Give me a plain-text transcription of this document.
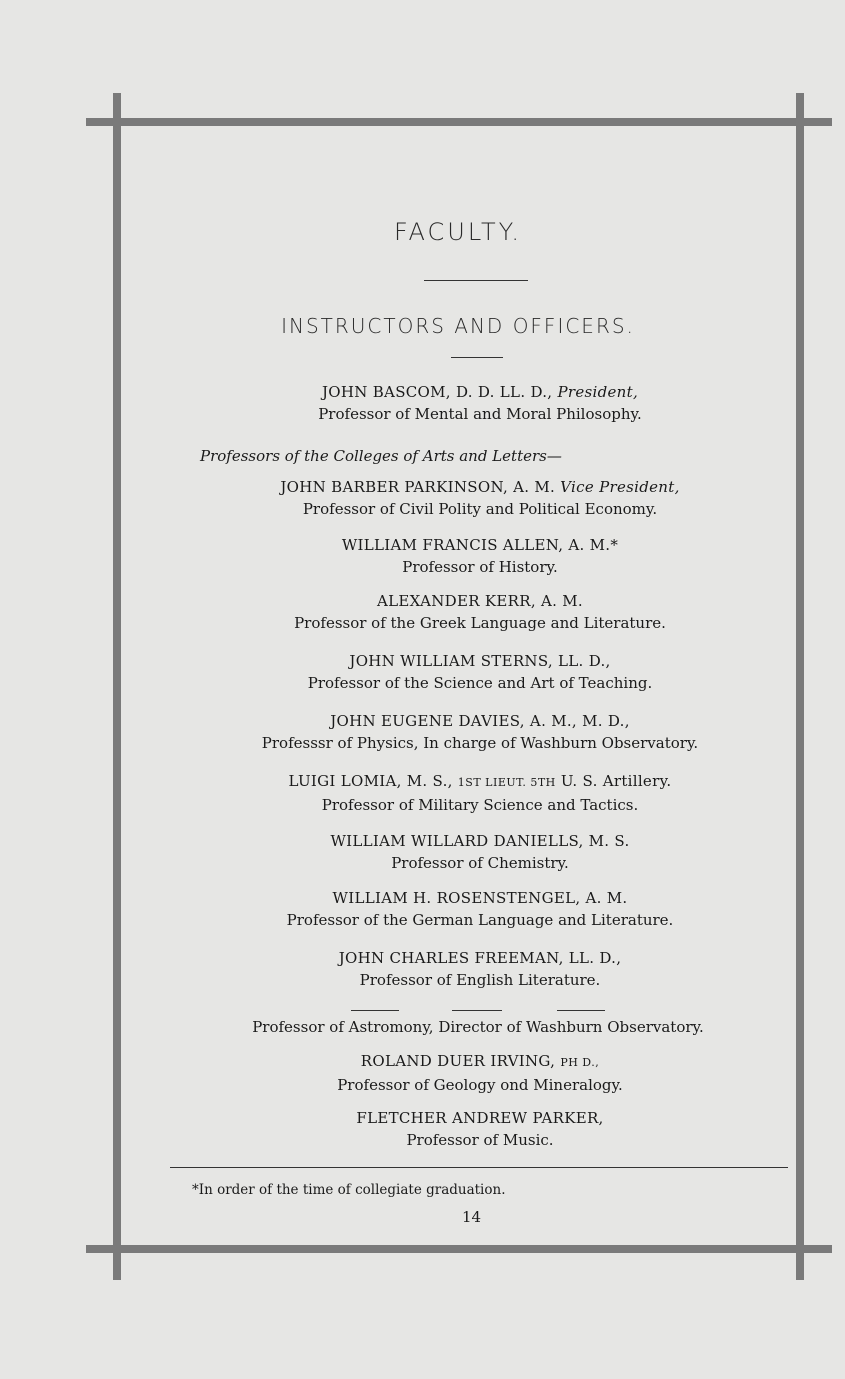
FACULTY.
INSTRUCTORS AND OFFICERS.
JOHN BASCOM, D. D. LL. D., President,
Professor of Mental and Moral Philosophy.
Professors of the Colleges of Arts and Letters—
JOHN BARBER PARKINSON, A. M. Vice President,
Professor of Civil Polity and Political Economy.
WILLIAM FRANCIS ALLEN, A. M.*
Professor of History.
ALEXANDER KERR, A. M.
Professor of the Greek Language and Literature.
JOHN WILLIAM STERNS, LL. D.,
Professor of the Science and Art of Teaching.
JOHN EUGENE DAVIES, A. M., M. D.,
Professsr of Physics, In charge of Washburn Observatory.
LUIGI LOMIA, M. S., 1ST LIEUT. 5TH U. S. Artillery.
Professor of Military Science and Tactics.
WILLIAM WILLARD DANIELLS, M. S.
Professor of Chemistry.
WILLIAM H. ROSENSTENGEL, A. M.
Professor of the German Language and Literature.
JOHN CHARLES FREEMAN, LL. D.,
Professor of English Literature.
Professor of Astromony, Director of Washburn Observatory.
ROLAND DUER IRVING, PH D.,
Professor of Geology ond Mineralogy.
FLETCHER ANDREW PARKER,
Professor of Music.
*In order of the time of collegiate graduation.
14
